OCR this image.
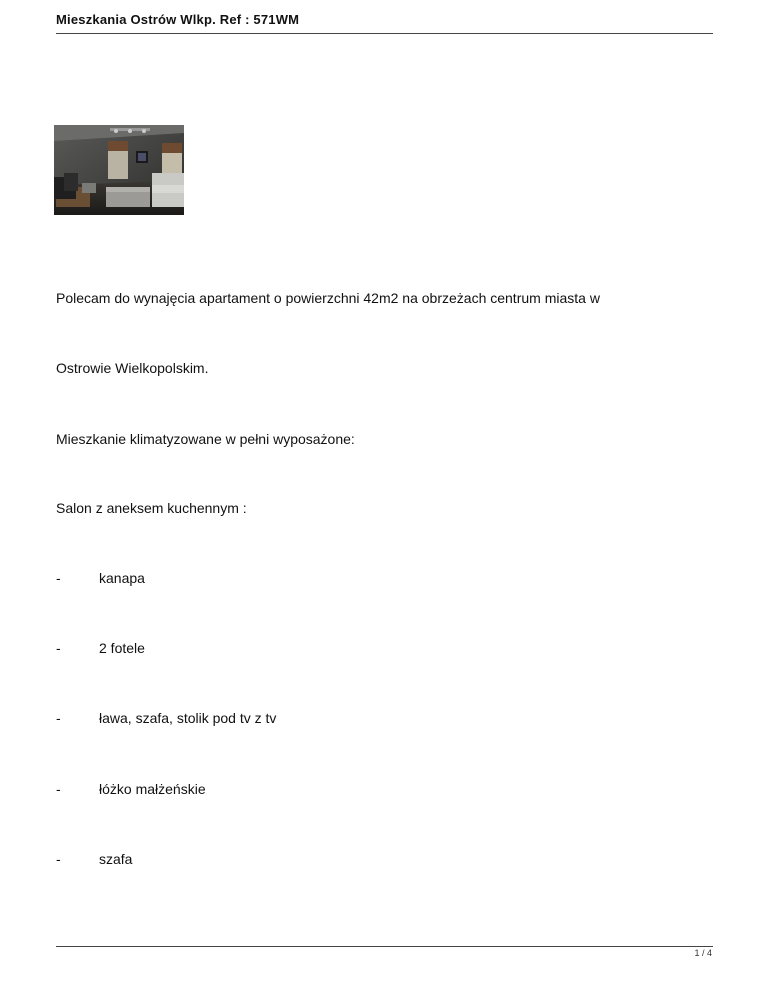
Mieszkania Ostrów Wlkp. Ref : 571WM
Polecam do wynajęcia apartament o powierzchni 42m2 na obrzeżach centrum miasta w
Ostrowie Wielkopolskim.
Mieszkanie klimatyzowane w pełni wyposażone:
Salon z aneksem kuchennym :
-	kanapa
-	2 fotele
-	ława, szafa, stolik pod tv z tv
-	łóżko małżeńskie
-	szafa
1 / 4
